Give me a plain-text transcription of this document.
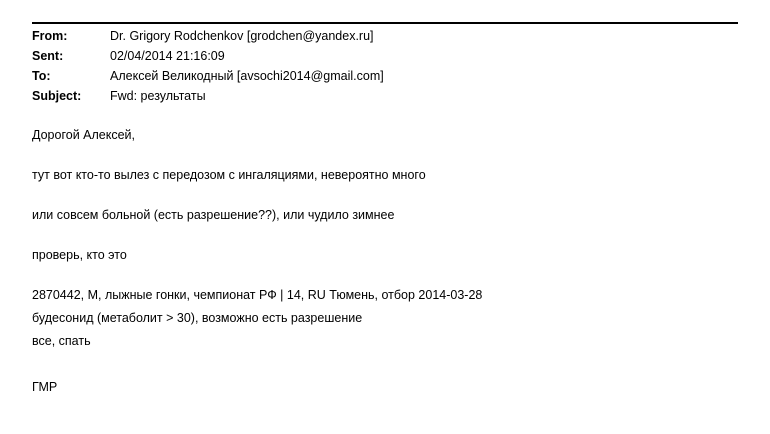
From:	Dr. Grigory Rodchenkov [grodchen@yandex.ru]
Sent:	02/04/2014 21:16:09
To:	Алексей Великодный [avsochi2014@gmail.com]
Subject:	Fwd: результаты

Дорогой Алексей,

тут вот кто-то вылез с передозом с ингаляциями, невероятно много

или совсем больной (есть разрешение??), или чудило зимнее

проверь, кто это

2870442, М, лыжные гонки, чемпионат РФ | 14, RU Тюмень, отбор 2014-03-28
будесонид (метаболит > 30), возможно есть разрешение
все, спать

ГМР
